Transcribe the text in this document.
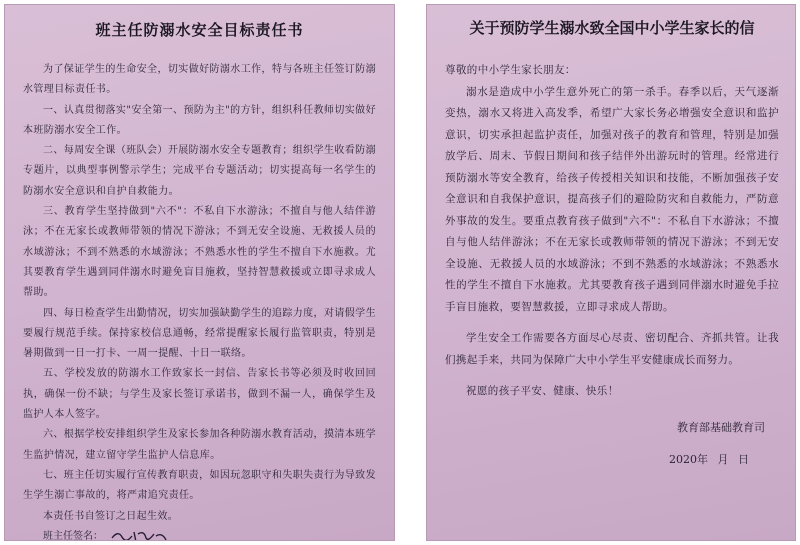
班主任防溺水安全目标责任书

为了保证学生的生命安全，切实做好防溺水工作，特与各班主任签订防溺水管理目标责任书。

一、认真贯彻落实"安全第一、预防为主"的方针，组织科任教师切实做好本班防溺水安全工作。

二、每周安全课（班队会）开展防溺水安全专题教育；组织学生收看防溺专题片，以典型事例警示学生；完成平台专题活动；切实提高每一名学生的防溺水安全意识和自护自救能力。

三、教育学生坚持做到"六不"：不私自下水游泳；不擅自与他人结伴游泳；不在无家长或教师带领的情况下游泳；不到无安全设施、无救援人员的水域游泳；不到不熟悉的水域游泳；不熟悉水性的学生不擅自下水施救。尤其要教育学生遇到同伴溺水时避免盲目施救，坚持智慧救援或立即寻求成人帮助。

四、每日检查学生出勤情况，切实加强缺勤学生的追踪力度，对请假学生要履行规范手续。保持家校信息通畅，经常提醒家长履行监管职责，特别是暑期做到一日一打卡、一周一提醒、十日一联络。

五、学校发放的防溺水工作致家长一封信、告家长书等必须及时收回回执，确保一份不缺；与学生及家长签订承诺书，做到不漏一人，确保学生及监护人本人签字。

六、根据学校安排组织学生及家长参加各种防溺水教育活动，摸清本班学生监护情况，建立留守学生监护人信息库。

七、班主任切实履行宣传教育职责，如因玩忽职守和失职失责行为导致发生学生溺亡事故的，将严肃追究责任。

本责任书自签订之日起生效。

班主任签名：

关于预防学生溺水致全国中小学生家长的信

尊敬的中小学生家长朋友：

溺水是造成中小学生意外死亡的第一杀手。春季以后，天气逐渐变热，溺水又将进入高发季，希望广大家长务必增强安全意识和监护意识，切实承担起监护责任，加强对孩子的教育和管理，特别是加强放学后、周末、节假日期间和孩子结伴外出游玩时的管理。经常进行预防溺水等安全教育，给孩子传授相关知识和技能，不断加强孩子安全意识和自我保护意识，提高孩子们的避险防灾和自救能力，严防意外事故的发生。要重点教育孩子做到"六不"：不私自下水游泳；不擅自与他人结伴游泳；不在无家长或教师带领的情况下游泳；不到无安全设施、无救援人员的水域游泳；不到不熟悉的水域游泳；不熟悉水性的学生不擅自下水施救。尤其要教育孩子遇到同伴溺水时避免手拉手盲目施救，要智慧救援，立即寻求成人帮助。

学生安全工作需要各方面尽心尽责、密切配合、齐抓共管。让我们携起手来，共同为保障广大中小学生平安健康成长而努力。

祝愿的孩子平安、健康、快乐！

教育部基础教育司

2020年 月 日
